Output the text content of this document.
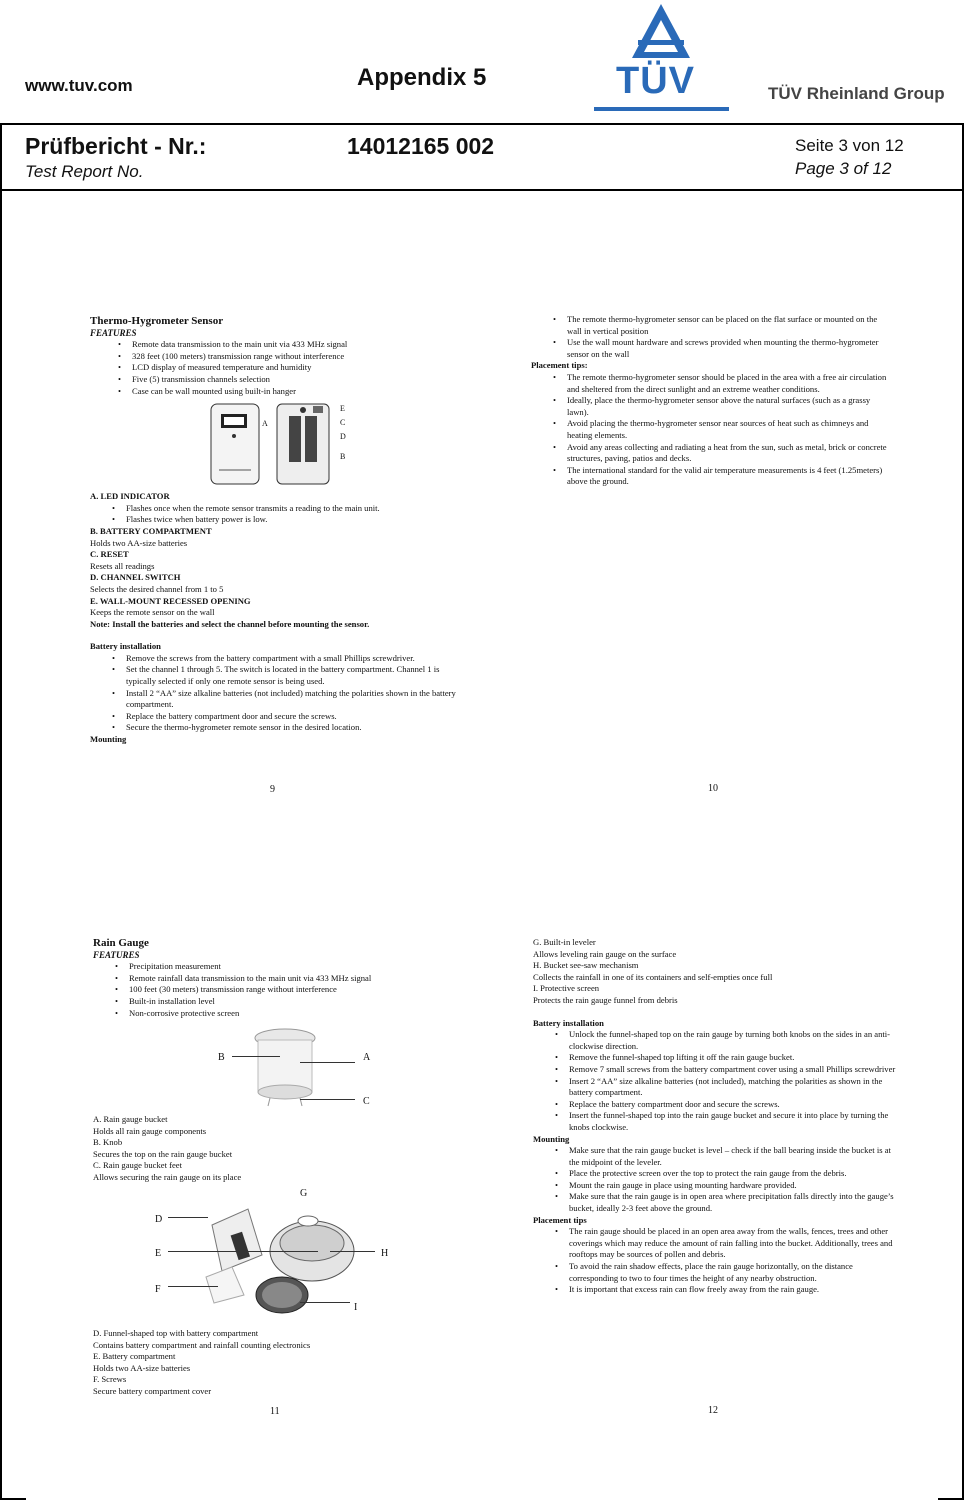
www.tuv.com	Appendix 5	TÜV	TÜV Rheinland Group
Prüfbericht - Nr.:
Test Report No.
14012165 002	Seite 3 von 12
Page 3 of 12
Thermo-Hygrometer Sensor
FEATURES
• Remote data transmission to the main unit via 433 MHz signal
• 328 feet (100 meters) transmission range without interference
• LCD display of measured temperature and humidity
• Five (5) transmission channels selection
• Case can be wall mounted using built-in hanger
A. LED INDICATOR
• Flashes once when the remote sensor transmits a reading to the main unit.
• Flashes twice when battery power is low.
B. BATTERY COMPARTMENT
Holds two AA-size batteries
C. RESET
Resets all readings
D. CHANNEL SWITCH
Selects the desired channel from 1 to 5
E. WALL-MOUNT RECESSED OPENING
Keeps the remote sensor on the wall
Note: Install the batteries and select the channel before mounting the sensor.
Battery installation
• Remove the screws from the battery compartment with a small Phillips screwdriver.
• Set the channel 1 through 5. The switch is located in the battery compartment. Channel 1 is typically selected if only one remote sensor is being used.
• Install 2 “AA” size alkaline batteries (not included) matching the polarities shown in the battery compartment.
• Replace the battery compartment door and secure the screws.
• Secure the thermo-hygrometer remote sensor in the desired location.
Mounting
A
E
C
D
B
9
• The remote thermo-hygrometer sensor can be placed on the flat surface or mounted on the wall in vertical position
• Use the wall mount hardware and screws provided when mounting the thermo-hygrometer sensor on the wall
Placement tips:
• The remote thermo-hygrometer sensor should be placed in the area with a free air circulation and sheltered from the direct sunlight and an extreme weather conditions.
• Ideally, place the thermo-hygrometer sensor above the natural surfaces (such as a grassy lawn).
• Avoid placing the thermo-hygrometer sensor near sources of heat such as chimneys and heating elements.
• Avoid any areas collecting and radiating a heat from the sun, such as metal, brick or concrete structures, paving, patios and decks.
• The international standard for the valid air temperature measurements is 4 feet (1.25meters) above the ground.
10
Rain Gauge
FEATURES
• Precipitation measurement
• Remote rainfall data transmission to the main unit via 433 MHz signal
• 100 feet (30 meters) transmission range without interference
• Built-in installation level
• Non-corrosive protective screen
B	A
C
A. Rain gauge bucket
Holds all rain gauge components
B. Knob
Secures the top on the rain gauge bucket
C. Rain gauge bucket feet
Allows securing the rain gauge on its place
G
D
E	H
F
I
D. Funnel-shaped top with battery compartment
Contains battery compartment and rainfall counting electronics
E. Battery compartment
Holds two AA-size batteries
F. Screws
Secure battery compartment cover
11
G. Built-in leveler
Allows leveling rain gauge on the surface
H. Bucket see-saw mechanism
Collects the rainfall in one of its containers and self-empties once full
I. Protective screen
Protects the rain gauge funnel from debris
Battery installation
• Unlock the funnel-shaped top on the rain gauge by turning both knobs on the sides in an anti-clockwise direction.
• Remove the funnel-shaped top lifting it off the rain gauge bucket.
• Remove 7 small screws from the battery compartment cover using a small Phillips screwdriver
• Insert 2 “AA” size alkaline batteries (not included), matching the polarities as shown in the battery compartment.
• Replace the battery compartment door and secure the screws.
• Insert the funnel-shaped top into the rain gauge bucket and secure it into place by turning the knobs clockwise.
Mounting
• Make sure that the rain gauge bucket is level – check if the ball bearing inside the bucket is at the midpoint of the leveler.
• Place the protective screen over the top to protect the rain gauge from the debris.
• Mount the rain gauge in place using mounting hardware provided.
• Make sure that the rain gauge is in open area where precipitation falls directly into the gauge’s bucket, ideally 2-3 feet above the ground.
Placement tips
• The rain gauge should be placed in an open area away from the walls, fences, trees and other coverings which may reduce the amount of rain falling into the bucket. Additionally, trees and rooftops may be sources of pollen and debris.
• To avoid the rain shadow effects, place the rain gauge horizontally, on the distance corresponding to two to four times the height of any nearby obstruction.
• It is important that excess rain can flow freely away from the rain gauge.
12
